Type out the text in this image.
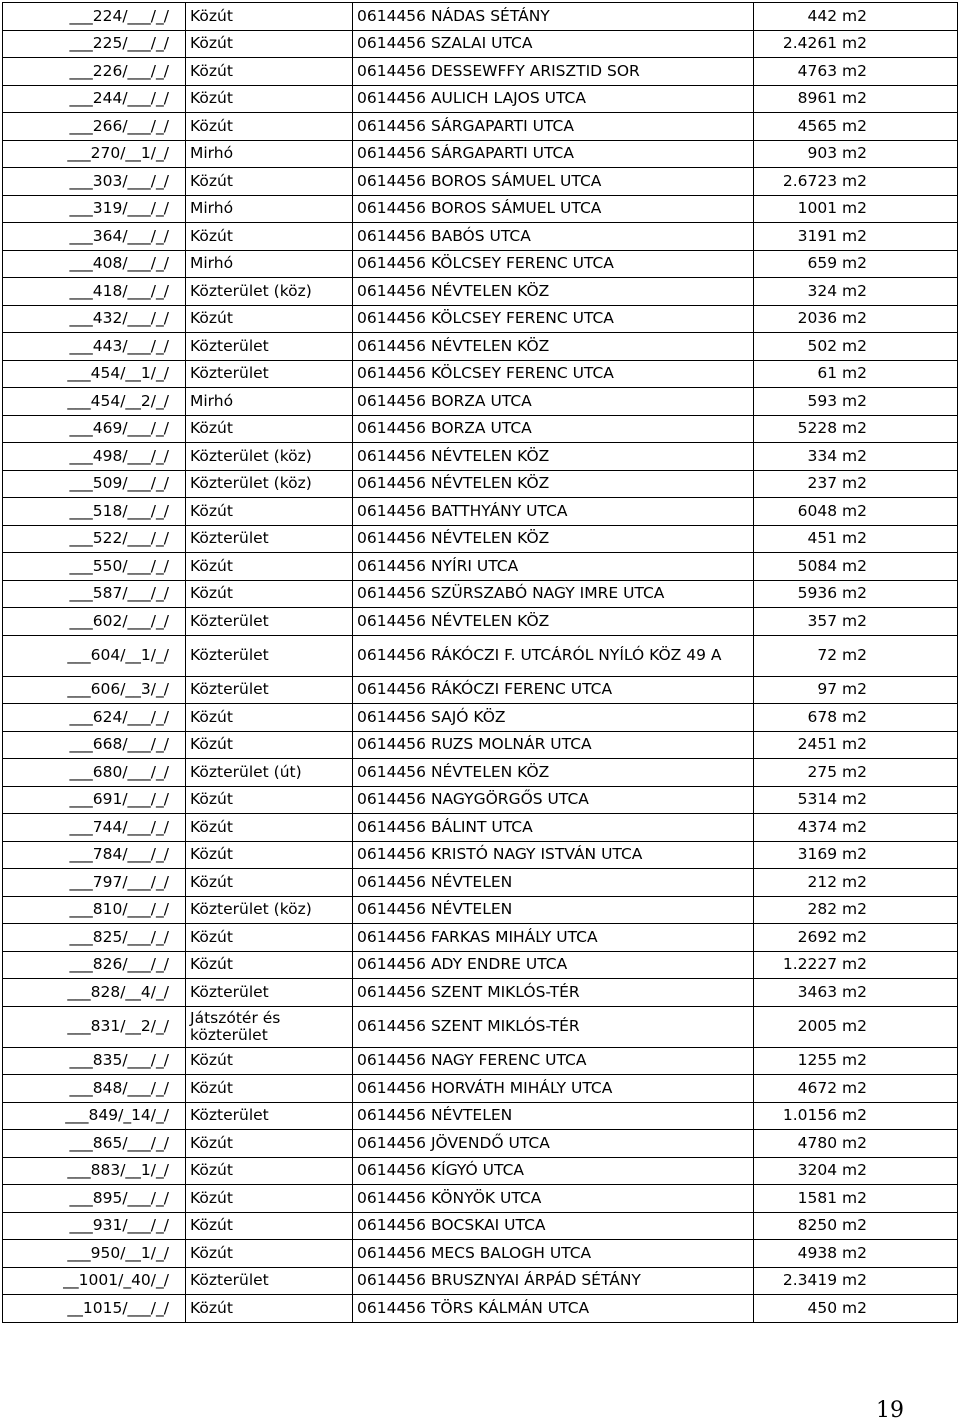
___224/___/_/	Közút	0614456 NÁDAS SÉTÁNY	442 m2
___225/___/_/	Közút	0614456 SZALAI UTCA	2.4261 m2
___226/___/_/	Közút	0614456 DESSEWFFY ARISZTID SOR	4763 m2
___244/___/_/	Közút	0614456 AULICH LAJOS UTCA	8961 m2
___266/___/_/	Közút	0614456 SÁRGAPARTI UTCA	4565 m2
___270/__1/_/	Mirhó	0614456 SÁRGAPARTI UTCA	903 m2
___303/___/_/	Közút	0614456 BOROS SÁMUEL UTCA	2.6723 m2
___319/___/_/	Mirhó	0614456 BOROS SÁMUEL UTCA	1001 m2
___364/___/_/	Közút	0614456 BABÓS UTCA	3191 m2
___408/___/_/	Mirhó	0614456 KÖLCSEY FERENC UTCA	659 m2
___418/___/_/	Közterület (köz)	0614456 NÉVTELEN KÖZ	324 m2
___432/___/_/	Közút	0614456 KÖLCSEY FERENC UTCA	2036 m2
___443/___/_/	Közterület	0614456 NÉVTELEN KÖZ	502 m2
___454/__1/_/	Közterület	0614456 KÖLCSEY FERENC UTCA	61 m2
___454/__2/_/	Mirhó	0614456 BORZA UTCA	593 m2
___469/___/_/	Közút	0614456 BORZA UTCA	5228 m2
___498/___/_/	Közterület (köz)	0614456 NÉVTELEN KÖZ	334 m2
___509/___/_/	Közterület (köz)	0614456 NÉVTELEN KÖZ	237 m2
___518/___/_/	Közút	0614456 BATTHYÁNY UTCA	6048 m2
___522/___/_/	Közterület	0614456 NÉVTELEN KÖZ	451 m2
___550/___/_/	Közút	0614456 NYÍRI UTCA	5084 m2
___587/___/_/	Közút	0614456 SZÜRSZABÓ NAGY IMRE UTCA	5936 m2
___602/___/_/	Közterület	0614456 NÉVTELEN KÖZ	357 m2
___604/__1/_/	Közterület	0614456 RÁKÓCZI F. UTCÁRÓL NYÍLÓ KÖZ 49 A	72 m2
___606/__3/_/	Közterület	0614456 RÁKÓCZI FERENC UTCA	97 m2
___624/___/_/	Közút	0614456 SAJÓ KÖZ	678 m2
___668/___/_/	Közút	0614456 RUZS MOLNÁR UTCA	2451 m2
___680/___/_/	Közterület (út)	0614456 NÉVTELEN KÖZ	275 m2
___691/___/_/	Közút	0614456 NAGYGÖRGŐS UTCA	5314 m2
___744/___/_/	Közút	0614456 BÁLINT UTCA	4374 m2
___784/___/_/	Közút	0614456 KRISTÓ NAGY ISTVÁN UTCA	3169 m2
___797/___/_/	Közút	0614456 NÉVTELEN	212 m2
___810/___/_/	Közterület (köz)	0614456 NÉVTELEN	282 m2
___825/___/_/	Közút	0614456 FARKAS MIHÁLY UTCA	2692 m2
___826/___/_/	Közút	0614456 ADY ENDRE UTCA	1.2227 m2
___828/__4/_/	Közterület	0614456 SZENT MIKLÓS-TÉR	3463 m2
___831/__2/_/	Játszótér és közterület	0614456 SZENT MIKLÓS-TÉR	2005 m2
___835/___/_/	Közút	0614456 NAGY FERENC UTCA	1255 m2
___848/___/_/	Közút	0614456 HORVÁTH MIHÁLY UTCA	4672 m2
___849/_14/_/	Közterület	0614456 NÉVTELEN	1.0156 m2
___865/___/_/	Közút	0614456 JÖVENDŐ UTCA	4780 m2
___883/__1/_/	Közút	0614456 KÍGYÓ UTCA	3204 m2
___895/___/_/	Közút	0614456 KÖNYÖK UTCA	1581 m2
___931/___/_/	Közút	0614456 BOCSKAI UTCA	8250 m2
___950/__1/_/	Közút	0614456 MECS BALOGH UTCA	4938 m2
__1001/_40/_/	Közterület	0614456 BRUSZNYAI ÁRPÁD SÉTÁNY	2.3419 m2
__1015/___/_/	Közút	0614456 TÖRS KÁLMÁN UTCA	450 m2
19
